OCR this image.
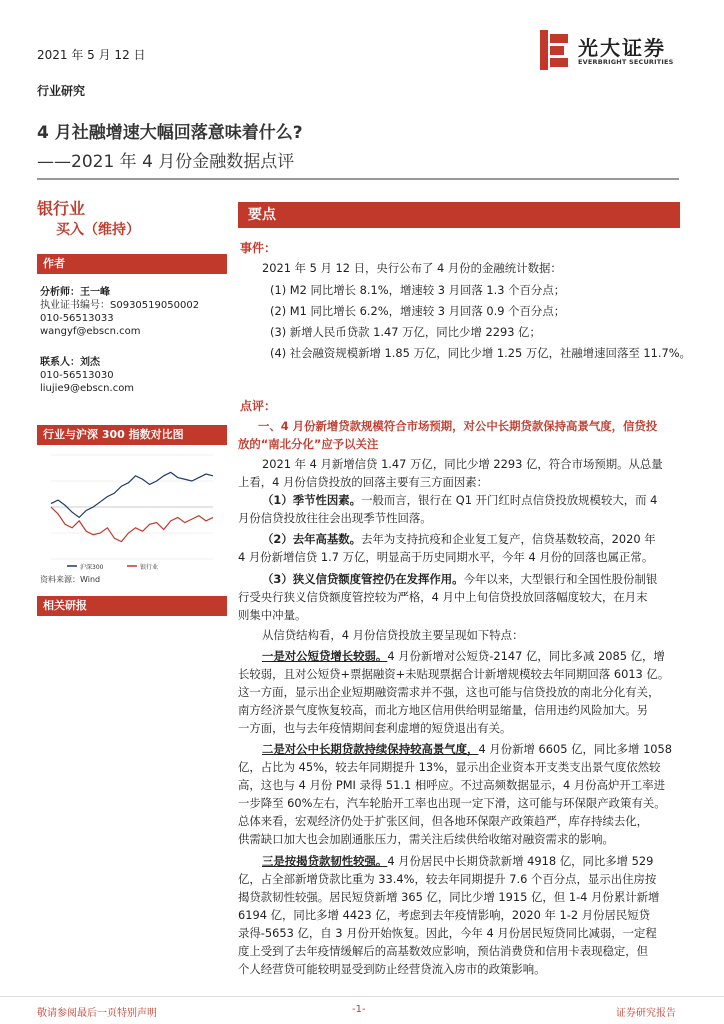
2021 年 5 月 12 日	光大证券
EVERBRIGHT SECURITIES
行业研究
4 月社融增速大幅回落意味着什么?
——2021 年 4 月份金融数据点评
银行业
买入（维持）
作者
分析师：王一峰
执业证书编号：S0930519050002
010-56513033
wangyf@ebscn.com
联系人：刘杰
010-56513030
liujie9@ebscn.com
行业与沪深 300 指数对比图
沪深300	银行业
资料来源：Wind
相关研报
要点
事件：
2021 年 5 月 12 日，央行公布了 4 月份的金融统计数据：
(1) M2 同比增长 8.1%，增速较 3 月回落 1.3 个百分点；
(2) M1 同比增长 6.2%，增速较 3 月回落 0.9 个百分点；
(3) 新增人民币贷款 1.47 万亿，同比少增 2293 亿；
(4) 社会融资规模新增 1.85 万亿，同比少增 1.25 万亿，社融增速回落至 11.7%。
点评：
一、4 月份新增贷款规模符合市场预期，对公中长期贷款保持高景气度，信贷投
放的“南北分化”应予以关注
2021 年 4 月新增信贷 1.47 万亿，同比少增 2293 亿，符合市场预期。从总量
上看，4 月份信贷投放的回落主要有三方面因素：
（1）季节性因素。一般而言，银行在 Q1 开门红时点信贷投放规模较大，而 4
月份信贷投放往往会出现季节性回落。
（2）去年高基数。去年为支持抗疫和企业复工复产，信贷基数较高，2020 年
4 月份新增信贷 1.7 万亿，明显高于历史同期水平，今年 4 月份的回落也属正常。
（3）狭义信贷额度管控仍在发挥作用。今年以来，大型银行和全国性股份制银
行受央行狭义信贷额度管控较为严格，4 月中上旬信贷投放回落幅度较大，在月末
则集中冲量。
从信贷结构看，4 月份信贷投放主要呈现如下特点：
一是对公短贷增长较弱。4 月份新增对公短贷-2147 亿，同比多减 2085 亿，增
长较弱，且对公短贷+票据融资+未贴现票据合计新增规模较去年同期回落 6013 亿。
这一方面，显示出企业短期融资需求并不强，这也可能与信贷投放的南北分化有关，
南方经济景气度恢复较高，而北方地区信用供给明显缩量，信用违约风险加大。另
一方面，也与去年疫情期间套利虚增的短贷退出有关。
二是对公中长期贷款持续保持较高景气度，4 月份新增 6605 亿，同比多增 1058
亿，占比为 45%，较去年同期提升 13%，显示出企业资本开支类支出景气度依然较
高，这也与 4 月份 PMI 录得 51.1 相呼应。不过高频数据显示，4 月份高炉开工率进
一步降至 60%左右，汽车轮胎开工率也出现一定下滑，这可能与环保限产政策有关。
总体来看，宏观经济仍处于扩张区间，但各地环保限产政策趋严，库存持续去化，
供需缺口加大也会加剧通胀压力，需关注后续供给收缩对融资需求的影响。
三是按揭贷款韧性较强。4 月份居民中长期贷款新增 4918 亿，同比多增 529
亿，占全部新增贷款比重为 33.4%，较去年同期提升 7.6 个百分点，显示出住房按
揭贷款韧性较强。居民短贷新增 365 亿，同比少增 1915 亿，但 1-4 月份累计新增
6194 亿，同比多增 4423 亿，考虑到去年疫情影响，2020 年 1-2 月份居民短贷
录得-5653 亿，自 3 月份开始恢复。因此，今年 4 月份居民短贷同比减弱，一定程
度上受到了去年疫情缓解后的高基数效应影响，预估消费贷和信用卡表现稳定，但
个人经营贷可能较明显受到防止经营贷流入房市的政策影响。
敬请参阅最后一页特别声明	-1-	证券研究报告
